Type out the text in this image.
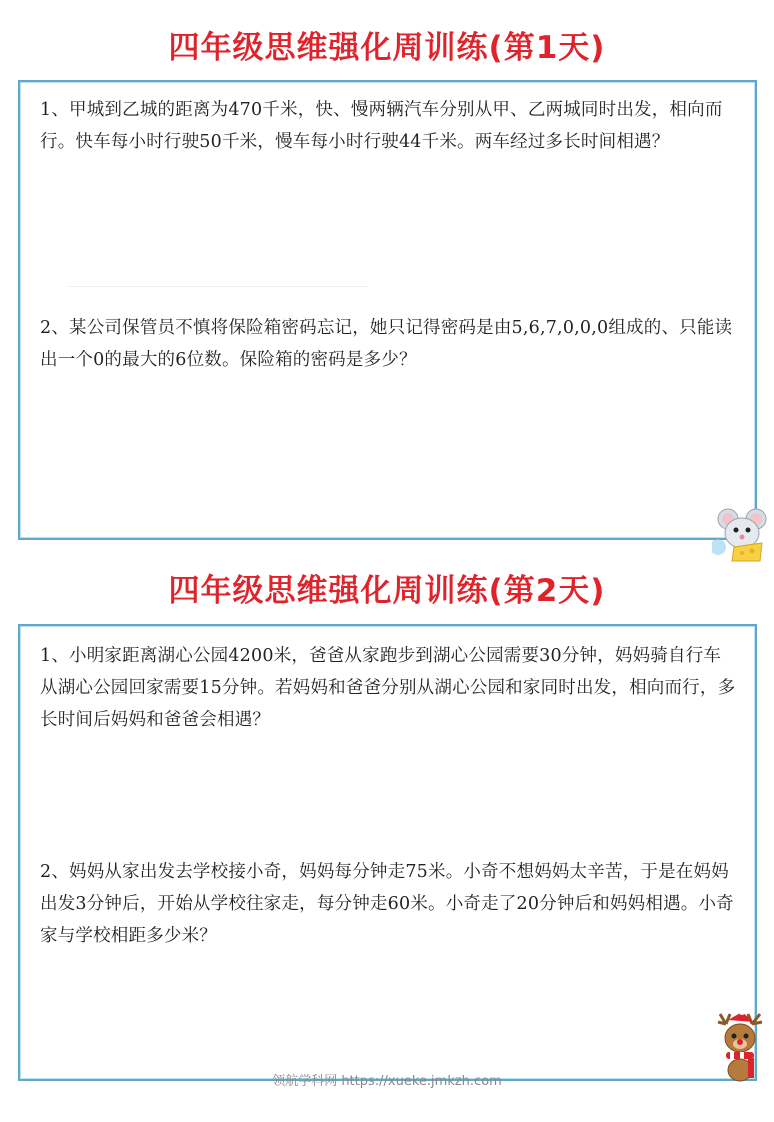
四年级思维强化周训练(第1天)
1、甲城到乙城的距离为470千米，快、慢两辆汽车分别从甲、乙两城同时出发，相向而行。快车每小时行驶50千米，慢车每小时行驶44千米。两车经过多长时间相遇？
2、某公司保管员不慎将保险箱密码忘记，她只记得密码是由5,6,7,0,0,0组成的、只能读出一个0的最大的6位数。保险箱的密码是多少？
四年级思维强化周训练(第2天)
1、小明家距离湖心公园4200米，爸爸从家跑步到湖心公园需要30分钟，妈妈骑自行车从湖心公园回家需要15分钟。若妈妈和爸爸分别从湖心公园和家同时出发，相向而行，多长时间后妈妈和爸爸会相遇？
2、妈妈从家出发去学校接小奇，妈妈每分钟走75米。小奇不想妈妈太辛苦，于是在妈妈出发3分钟后，开始从学校往家走，每分钟走60米。小奇走了20分钟后和妈妈相遇。小奇家与学校相距多少米？
领航学科网 https://xueke.jmkzh.com
